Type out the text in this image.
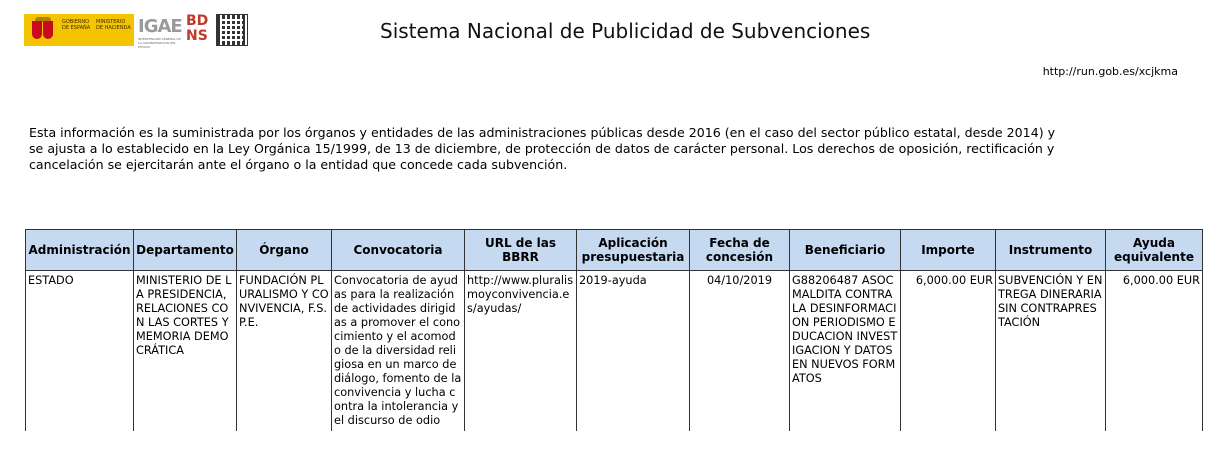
GOBIERNO DE ESPAÑA
MINISTERIO DE HACIENDA IGAE
INTERVENCIÓN GENERAL DE LA ADMINISTRACIÓN DEL ESTADO
BD
NS	Sistema Nacional de Publicidad de Subvenciones
http://run.gob.es/xcjkma
Esta información es la suministrada por los órganos y entidades de las administraciones públicas desde 2016 (en el caso del sector público estatal, desde 2014) y se ajusta a lo establecido en la Ley Orgánica 15/1999, de 13 de diciembre, de protección de datos de carácter personal. Los derechos de oposición, rectificación y cancelación se ejercitarán ante el órgano o la entidad que concede cada subvención.
Administración	Departamento	Órgano	Convocatoria	URL de las BBRR	Aplicación presupuestaria	Fecha de concesión	Beneficiario	Importe	Instrumento	Ayuda equivalente
ESTADO	MINISTERIO DE LA PRESIDENCIA, RELACIONES CON LAS CORTES Y MEMORIA DEMOCRÁTICA	FUNDACIÓN PLURALISMO Y CONVIVENCIA, F.S.P.E.	Convocatoria de ayudas para la realización de actividades dirigidas a promover el conocimiento y el acomodo de la diversidad religiosa en un marco de diálogo, fomento de la convivencia y lucha contra la intolerancia y el discurso de odio	http://www.pluralismoyconvivencia.es/ayudas/	2019-ayuda	04/10/2019	G88206487 ASOC MALDITA CONTRA LA DESINFORMACION PERIODISMO EDUCACION INVESTIGACION Y DATOS EN NUEVOS FORMATOS	6,000.00 EUR	SUBVENCIÓN Y ENTREGA DINERARIA SIN CONTRAPRESTACIÓN	6,000.00 EUR
